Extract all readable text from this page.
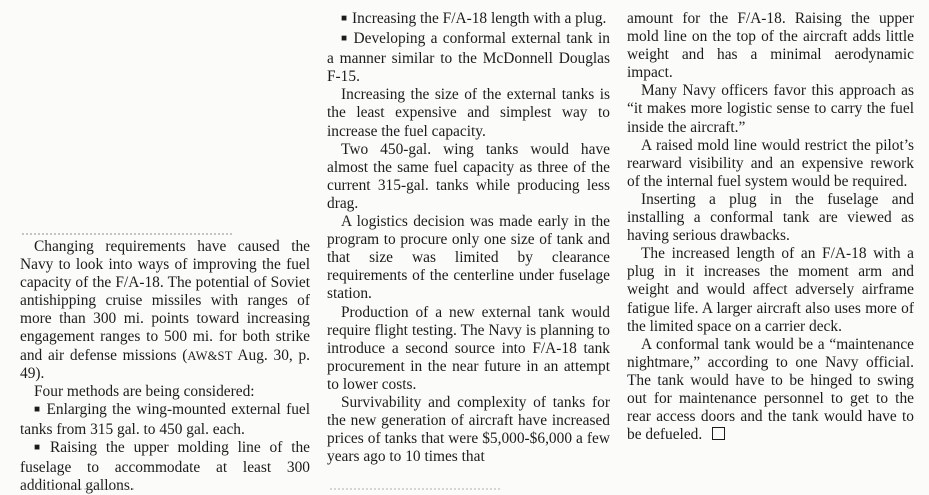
Changing requirements have caused the Navy to look into ways of improving the fuel capacity of the F/A-18. The potential of Soviet antishipping cruise missiles with ranges of more than 300 mi. points toward increasing engagement ranges to 500 mi. for both strike and air defense missions (AW&ST Aug. 30, p. 49).

Four methods are being considered:

■ Enlarging the wing-mounted external fuel tanks from 315 gal. to 450 gal. each.

■ Raising the upper molding line of the fuselage to accommodate at least 300 additional gallons.

■ Increasing the F/A-18 length with a plug.

■ Developing a conformal external tank in a manner similar to the McDonnell Douglas F-15.

Increasing the size of the external tanks is the least expensive and simplest way to increase the fuel capacity.

Two 450-gal. wing tanks would have almost the same fuel capacity as three of the current 315-gal. tanks while producing less drag.

A logistics decision was made early in the program to procure only one size of tank and that size was limited by clearance requirements of the centerline under fuselage station.

Production of a new external tank would require flight testing. The Navy is planning to introduce a second source into F/A-18 tank procurement in the near future in an attempt to lower costs.

Survivability and complexity of tanks for the new generation of aircraft have increased prices of tanks that were $5,000-$6,000 a few years ago to 10 times that

amount for the F/A-18. Raising the upper mold line on the top of the aircraft adds little weight and has a minimal aerodynamic impact.

Many Navy officers favor this approach as “it makes more logistic sense to carry the fuel inside the aircraft.”

A raised mold line would restrict the pilot’s rearward visibility and an expensive rework of the internal fuel system would be required.

Inserting a plug in the fuselage and installing a conformal tank are viewed as having serious drawbacks.

The increased length of an F/A-18 with a plug in it increases the moment arm and weight and would affect adversely airframe fatigue life. A larger aircraft also uses more of the limited space on a carrier deck.

A conformal tank would be a “maintenance nightmare,” according to one Navy official. The tank would have to be hinged to swing out for maintenance personnel to get to the rear access doors and the tank would have to be defueled.
